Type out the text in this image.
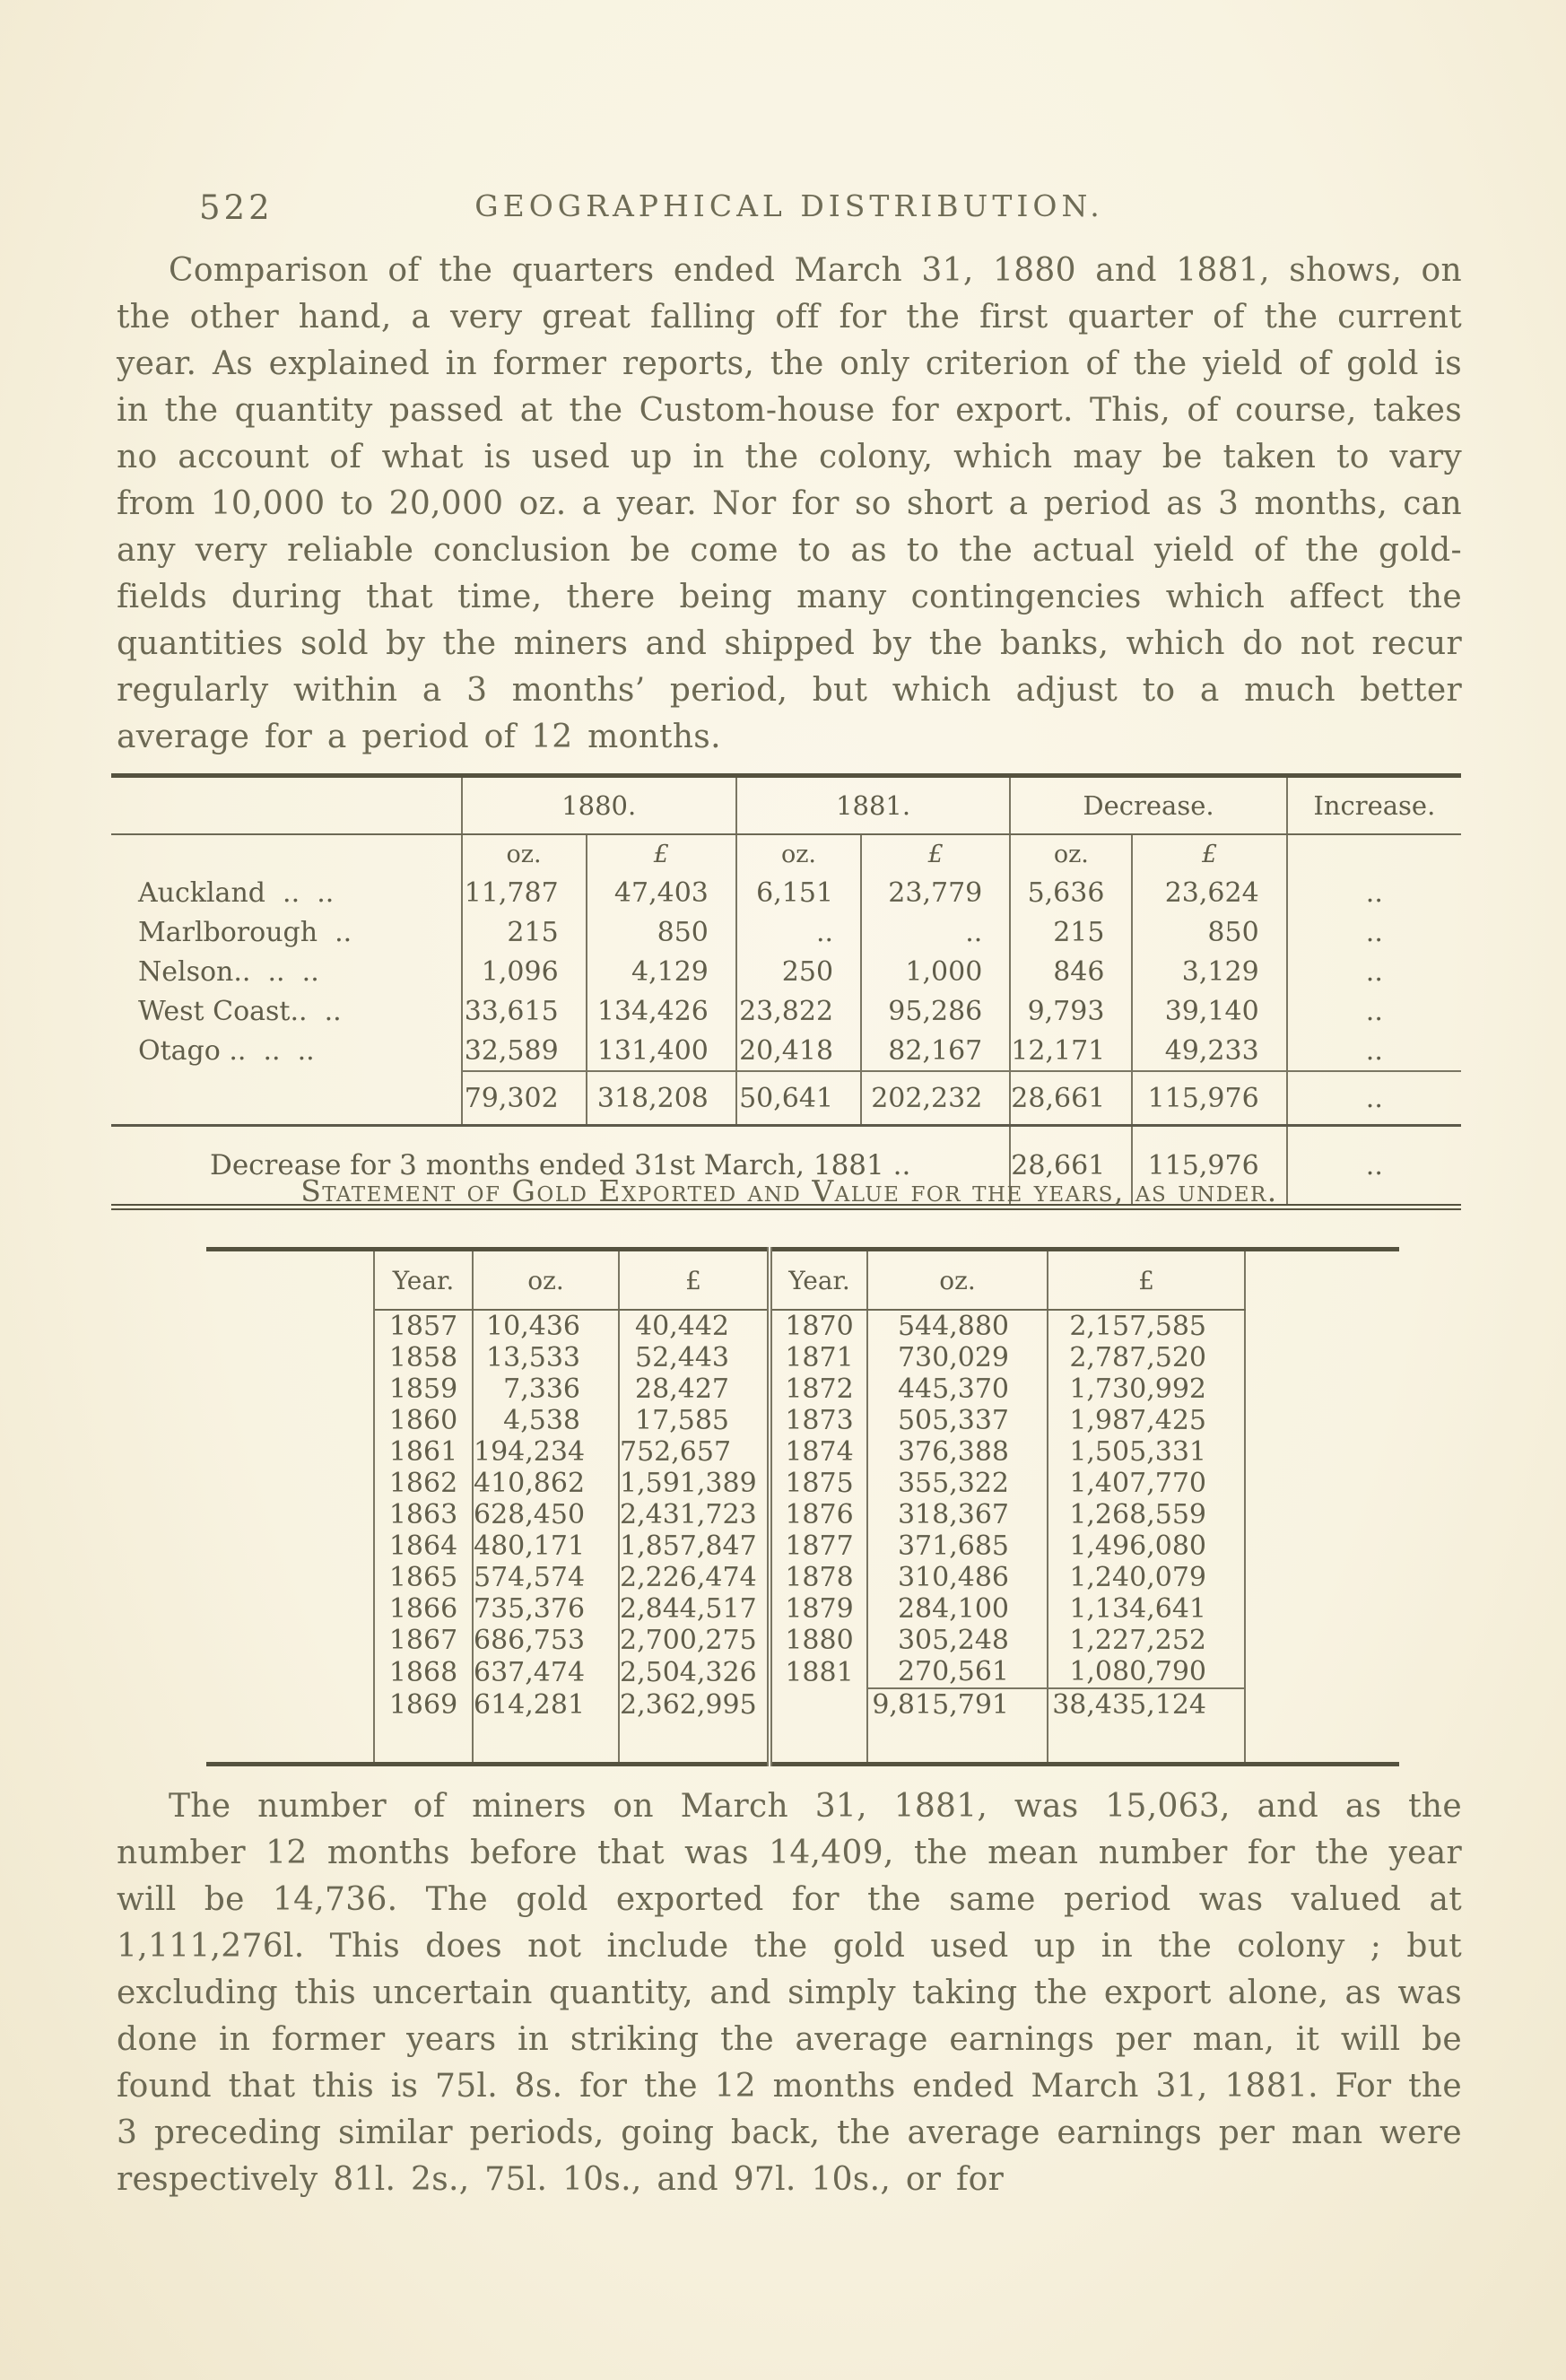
522	GEOGRAPHICAL DISTRIBUTION.

Comparison of the quarters ended March 31, 1880 and 1881, shows, on the other hand, a very great falling off for the first quarter of the current year. As explained in former reports, the only criterion of the yield of gold is in the quantity passed at the Custom-house for export. This, of course, takes no account of what is used up in the colony, which may be taken to vary from 10,000 to 20,000 oz. a year. Nor for so short a period as 3 months, can any very reliable conclusion be come to as to the actual yield of the gold-fields during that time, there being many contingencies which affect the quantities sold by the miners and shipped by the banks, which do not recur regularly within a 3 months’ period, but which adjust to a much better average for a period of 12 months.

	1880.		1881.		Decrease.		Increase.
	oz.	£	oz.	£	oz.	£	
Auckland  ..  ..	11,787	47,403	6,151	23,779	5,636	23,624	..
Marlborough  ..	215	850	..	..	215	850	..
Nelson..  ..  ..	1,096	4,129	250	1,000	846	3,129	..
West Coast..  ..	33,615	134,426	23,822	95,286	9,793	39,140	..
Otago ..  ..  ..	32,589	131,400	20,418	82,167	12,171	49,233	..
	79,302	318,208	50,641	202,232	28,661	115,976	..
Decrease for 3 months ended 31st March, 1881 ..					28,661	115,976	..
Statement of Gold Exported and Value for the years, as under.
	Year.	oz.	£	Year.	oz.	£	
	1857	10,436	40,442	1870	544,880	2,157,585	
	1858	13,533	52,443	1871	730,029	2,787,520	
	1859	7,336	28,427	1872	445,370	1,730,992	
	1860	4,538	17,585	1873	505,337	1,987,425	
	1861	194,234	752,657	1874	376,388	1,505,331	
	1862	410,862	1,591,389	1875	355,322	1,407,770	
	1863	628,450	2,431,723	1876	318,367	1,268,559	
	1864	480,171	1,857,847	1877	371,685	1,496,080	
	1865	574,574	2,226,474	1878	310,486	1,240,079	
	1866	735,376	2,844,517	1879	284,100	1,134,641	
	1867	686,753	2,700,275	1880	305,248	1,227,252	
	1868	637,474	2,504,326	1881	270,561	1,080,790	
	1869	614,281	2,362,995		9,815,791	38,435,124	

The number of miners on March 31, 1881, was 15,063, and as the number 12 months before that was 14,409, the mean number for the year will be 14,736. The gold exported for the same period was valued at 1,111,276l. This does not include the gold used up in the colony ; but excluding this uncertain quantity, and simply taking the export alone, as was done in former years in striking the average earnings per man, it will be found that this is 75l. 8s. for the 12 months ended March 31, 1881. For the 3 preceding similar periods, going back, the average earnings per man were respectively 81l. 2s., 75l. 10s., and 97l. 10s., or for
